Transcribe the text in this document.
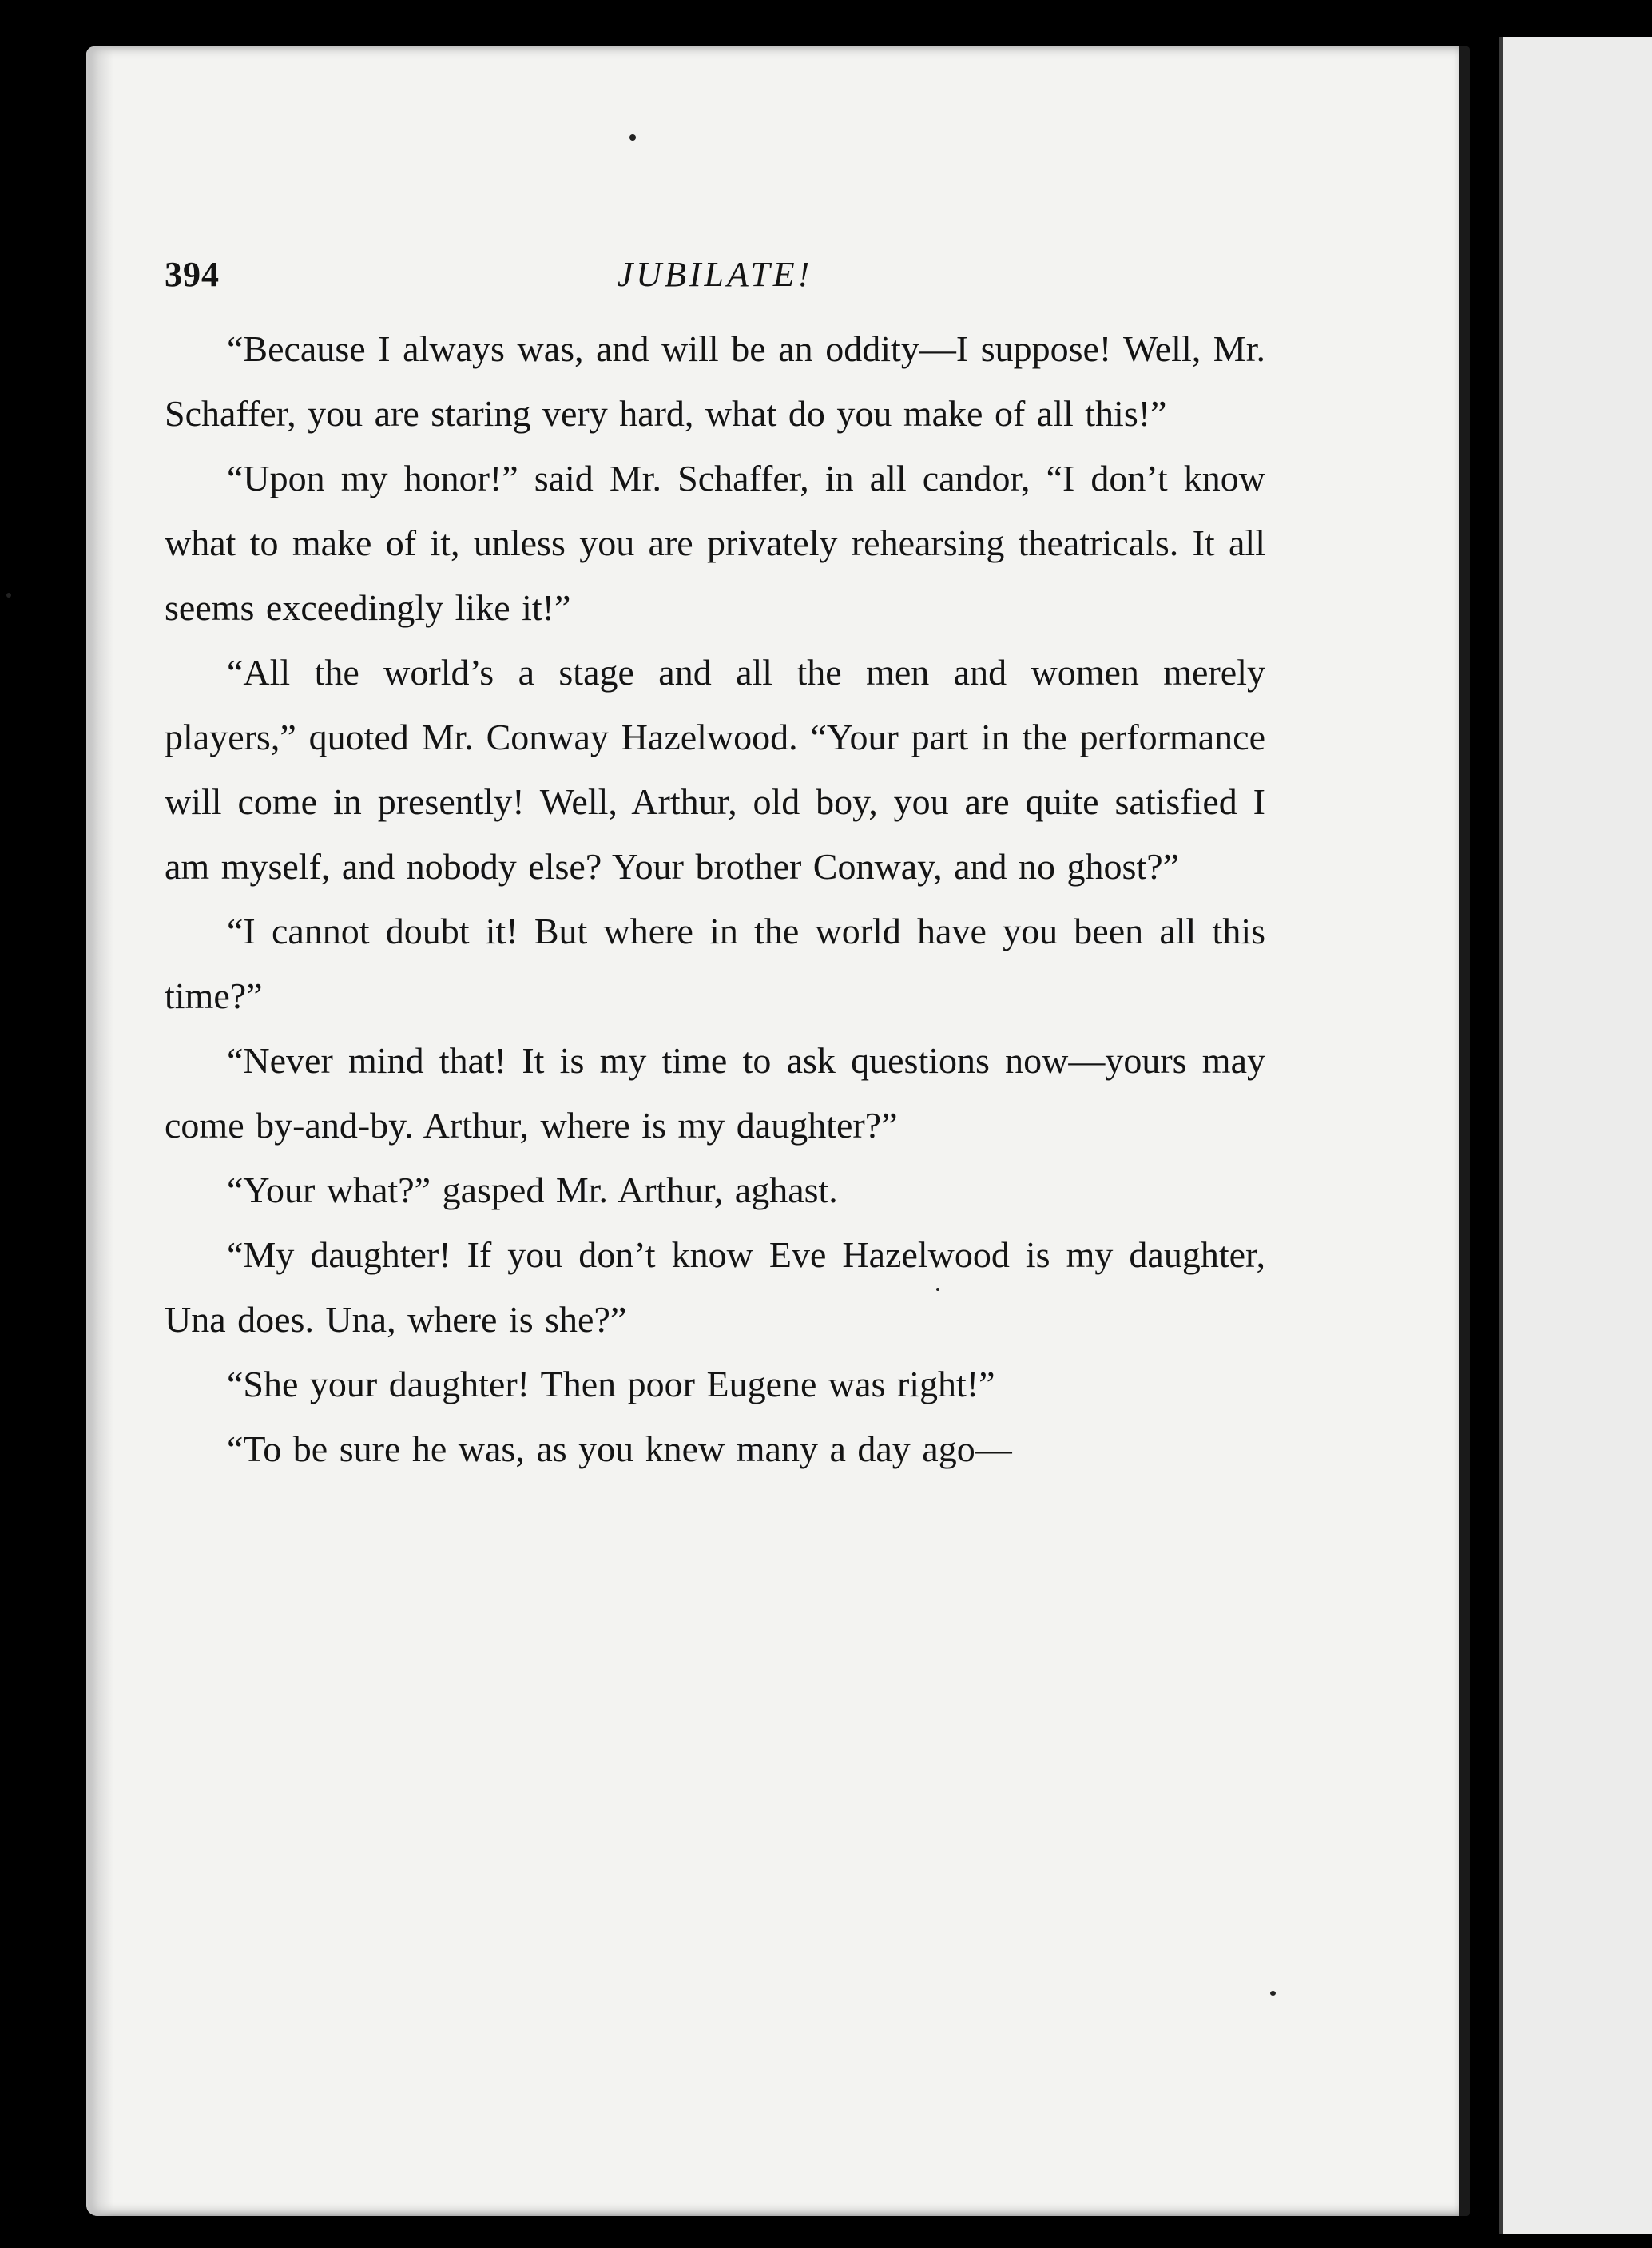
394	JUBILATE!

“Because I always was, and will be an oddity—I suppose! Well, Mr. Schaffer, you are staring very hard, what do you make of all this!”

“Upon my honor!” said Mr. Schaffer, in all candor, “I don’t know what to make of it, unless you are privately rehearsing theatricals. It all seems exceedingly like it!”

“All the world’s a stage and all the men and women merely players,” quoted Mr. Conway Hazelwood. “Your part in the performance will come in presently! Well, Arthur, old boy, you are quite satisfied I am myself, and nobody else? Your brother Conway, and no ghost?”

“I cannot doubt it! But where in the world have you been all this time?”

“Never mind that! It is my time to ask questions now—yours may come by-and-by. Arthur, where is my daughter?”

“Your what?” gasped Mr. Arthur, aghast.

“My daughter! If you don’t know Eve Hazelwood is my daughter, Una does. Una, where is she?”

“She your daughter! Then poor Eugene was right!”

“To be sure he was, as you knew many a day ago—
